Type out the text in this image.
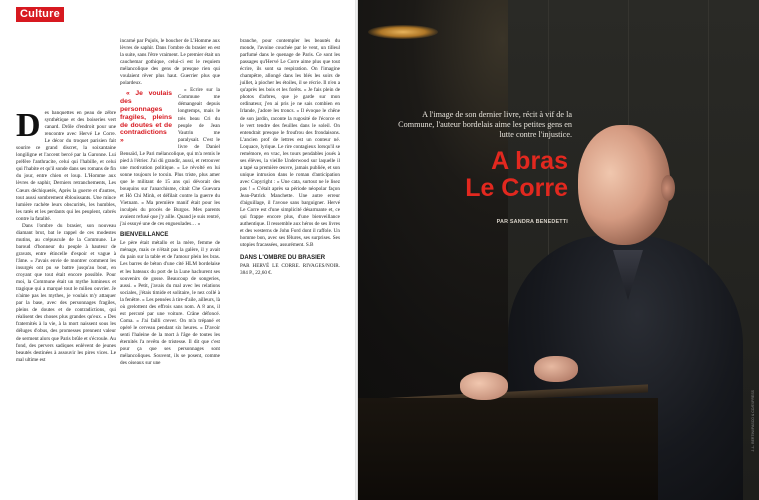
Culture

Des banquettes en peau de zèbre synthétique et des boiseries vert canard. Drôle d'endroit pour une rencontre avec Hervé Le Corre. Le décor du troquet parisien fait sourire ce grand discret, la soixantaine longiligne et l'accent bercé par la Garonne. Lui préfère l'anthracite, celui qui l'habille, et celui qui l'habite et qu'il sonde dans ses romans de fin du jour, entre chien et loup. L'Homme aux lèvres de saphir, Derniers retranchements, Les Cœurs déchiquetés, Après la guerre et d'autres, tout aussi sombrement éblouissants. Une mince lumière rachète leurs obscurités, les humbles, les ratés et les perdants qui les peuplent, cabrés contre la fatalité.

Dans l'ombre du brasier, son nouveau diamant brut, bat le rappel de ces modestes mutins, au crépuscule de la Commune. Le baroud d'honneur du peuple à hauteur de gravats, entre étincelle d'espoir et vague à l'âme. « J'avais envie de montrer comment les insurgés ont pu se battre jusqu'au bout, en croyant que tout était encore possible. Pour moi, la Commune était un mythe lumineux et tragique qui a marqué tout le milieu ouvrier. Je n'aime pas les mythes, je voulais m'y attaquer par la base, avec des personnages fragiles, pleins de doutes et de contradictions, qui réalisent des choses plus grandes qu'eux. » Des fraternités à la vie, à la mort naissent sous les déluges d'obus, des promesses prennent valeur de serment alors que Paris brûle et s'écroule. Au fond, des pervers sadiques enlèvent de jeunes beautés destinées à assouvir les pires vices. Le mal ultime est

incarné par Pujols, le boucher de L'Homme aux lèvres de saphir. Dans l'ombre du brasier en est la suite, sans l'être vraiment. Le premier était un cauchemar gothique, celui-ci est le requiem mélancolique des gens de presque rien qui voulaient rêver plus haut. Guerrier plus que polardeux.

« Je voulais des personnages fragiles, pleins de doutes et de contradictions »
« Ecrire sur la Commune me démangeait depuis longtemps, mais le très beau Cri du peuple de Jean Vautrin me paralysait. C'est le livre de Daniel Bensaïd, Le Pari mélancolique, qui m'a remis le pied à l'étrier. J'ai dû grandir, aussi, et retrouver une motivation politique. » Le révolté en lui sonne toujours le tocsin. Plus triste, plus amer que le militant de 15 ans qui dévorait des bouquins sur l'anarchisme, citait Che Guevara et Hô Chi Minh, et défilait contre la guerre du Vietnam. « Ma première manif était pour les inculpés du procès de Burgos. Mes parents avaient refusé que j'y aille. Quand je suis rentré, j'ai essuyé une de ces engueulades… »

BIENVEILLANCE

Le père était métallo et la mère, femme de ménage, mais ce n'était pas la galère, il y avait du pain sur la table et de l'amour plein les bras. Les barres de béton d'une cité HLM bordelaise et les bateaux du port de la Lune hachurent ses souvenirs de gosse. Beaucoup de songeries, aussi. « Petit, j'avais du mal avec les relations sociales, j'étais timide et solitaire, le nez collé à la fenêtre. » Les pensées à tire-d'aile, ailleurs, là où grelottent des effrois sans nom. A 8 ans, il est percuté par une voiture. Crâne défoncé. Coma. « J'ai failli crever. On m'a trépané et opéré le cerveau pendant six heures. » D'avoir senti l'haleine de la mort à l'âge de toutes les éternités l'a revêtu de tristesse. Il dit que c'est pour ça que ses personnages sont mélancoliques. Souvent, ils se posent, comme des oiseaux sur une

branche, pour contempler les beautés du monde, l'avoine couchée par le vent, un tilleul parfumé dans le quenage de Paris. Ce sont les passages qu'Hervé Le Corre aime plus que tout écrire, ils sont sa respiration. On l'imagine champêtre, allongé dans les blés les soirs de juillet, à piocher les étoiles, il se récrie. Il n'en a qu'après les bois et les forêts. « Je fais plein de photos d'arbres, que je garde sur mon ordinateur, j'en ai pris je ne sais combien en Irlande, j'adore les troncs. » Il évoque le chêne de son jardin, raconte la rugosité de l'écorce et le vert tendre des feuilles dans le soleil. On entendrait presque le froufrou des frondaisons. L'ancien prof de lettres est un conteur né. Loquace, lyrique. Le rire contagieux lorsqu'il se remémore, en vrac, les tours pendables joués à ses élèves, la vieille Underwood sur laquelle il a tapé sa première œuvre, jamais publiée, et son unique intrusion dans le roman d'anticipation avec Copyright : « Une catа, surtout ne le lisez pas ! » C'était après sa période néopolar façon Jean-Patrick Manchette. Une autre erreur d'aiguillage, il l'avoue sans barguigner. Hervé Le Corre est d'une simplicité désarmante et, ce qui frappe encore plus, d'une bienveillance authentique. Il ressemble aux héros de ses livres et des westerns de John Ford dont il raffole. Un homme bon, avec ses fêlures, ses surprises. Ses utopies fracassées, assurément. S.B

DANS L'OMBRE DU BRASIER
PAR HERVÉ LE CORRE. RIVAGES/NOIR. 384 P., 22,60 €.
J.-L. BERTINI/PASCO & CO/EXPRESS
A l'image de son dernier livre, récit à vif de la Commune, l'auteur bordelais aime les petites gens en lutte contre l'injustice.
A bras
Le Corre
PAR SANDRA BENEDETTI
